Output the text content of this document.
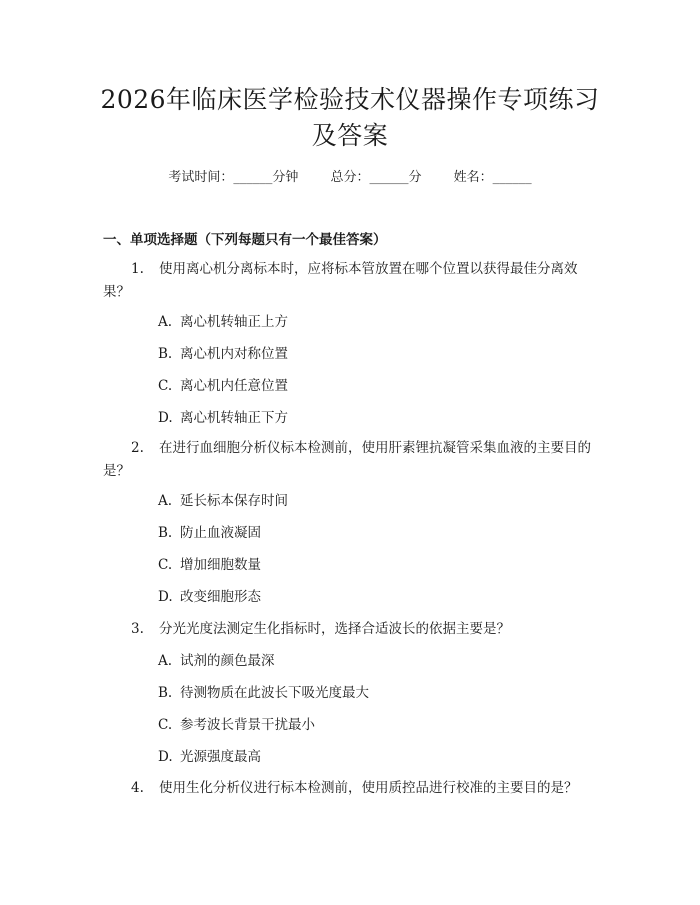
2026年临床医学检验技术仪器操作专项练习
及答案
考试时间：______分钟 总分：______分 姓名：______
一、单项选择题（下列每题只有一个最佳答案）
1. 使用离心机分离标本时，应将标本管放置在哪个位置以获得最佳分离效果？
A. 离心机转轴正上方
B. 离心机内对称位置
C. 离心机内任意位置
D. 离心机转轴正下方
2. 在进行血细胞分析仪标本检测前，使用肝素锂抗凝管采集血液的主要目的是？
A. 延长标本保存时间
B. 防止血液凝固
C. 增加细胞数量
D. 改变细胞形态
3. 分光光度法测定生化指标时，选择合适波长的依据主要是？
A. 试剂的颜色最深
B. 待测物质在此波长下吸光度最大
C. 参考波长背景干扰最小
D. 光源强度最高
4. 使用生化分析仪进行标本检测前，使用质控品进行校准的主要目的是？
